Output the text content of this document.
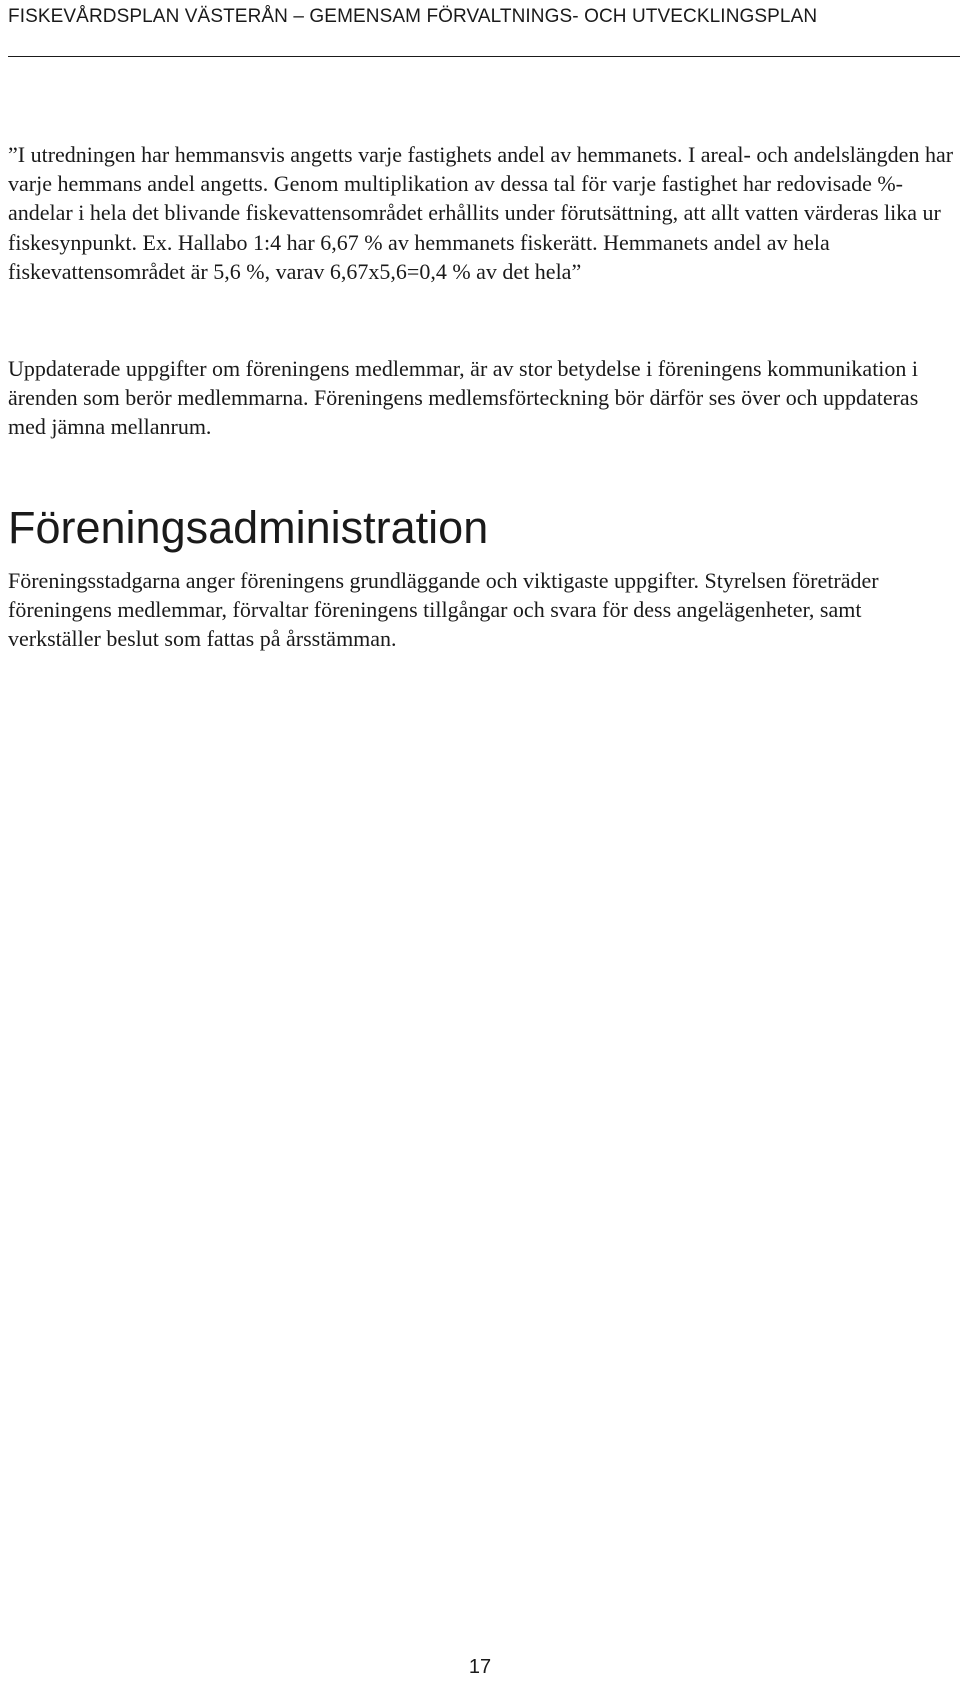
FISKEVÅRDSPLAN VÄSTERÅN – GEMENSAM FÖRVALTNINGS- OCH UTVECKLINGSPLAN

”I utredningen har hemmansvis angetts varje fastighets andel av hemmanets. I areal- och andelslängden har varje hemmans andel angetts. Genom multiplikation av dessa tal för varje fastighet har redovisade %-andelar i hela det blivande fiskevattensområdet erhållits under förutsättning, att allt vatten värderas lika ur fiskesynpunkt. Ex. Hallabo 1:4 har 6,67 % av hemmanets fiskerätt. Hemmanets andel av hela fiskevattensområdet är 5,6 %, varav 6,67x5,6=0,4 % av det hela”

Uppdaterade uppgifter om föreningens medlemmar, är av stor betydelse i föreningens kommunikation i ärenden som berör medlemmarna. Föreningens medlemsförteckning bör därför ses över och uppdateras med jämna mellanrum.

Föreningsadministration

Föreningsstadgarna anger föreningens grundläggande och viktigaste uppgifter. Styrelsen företräder föreningens medlemmar, förvaltar föreningens tillgångar och svara för dess angelägenheter, samt verkställer beslut som fattas på årsstämman.

17
